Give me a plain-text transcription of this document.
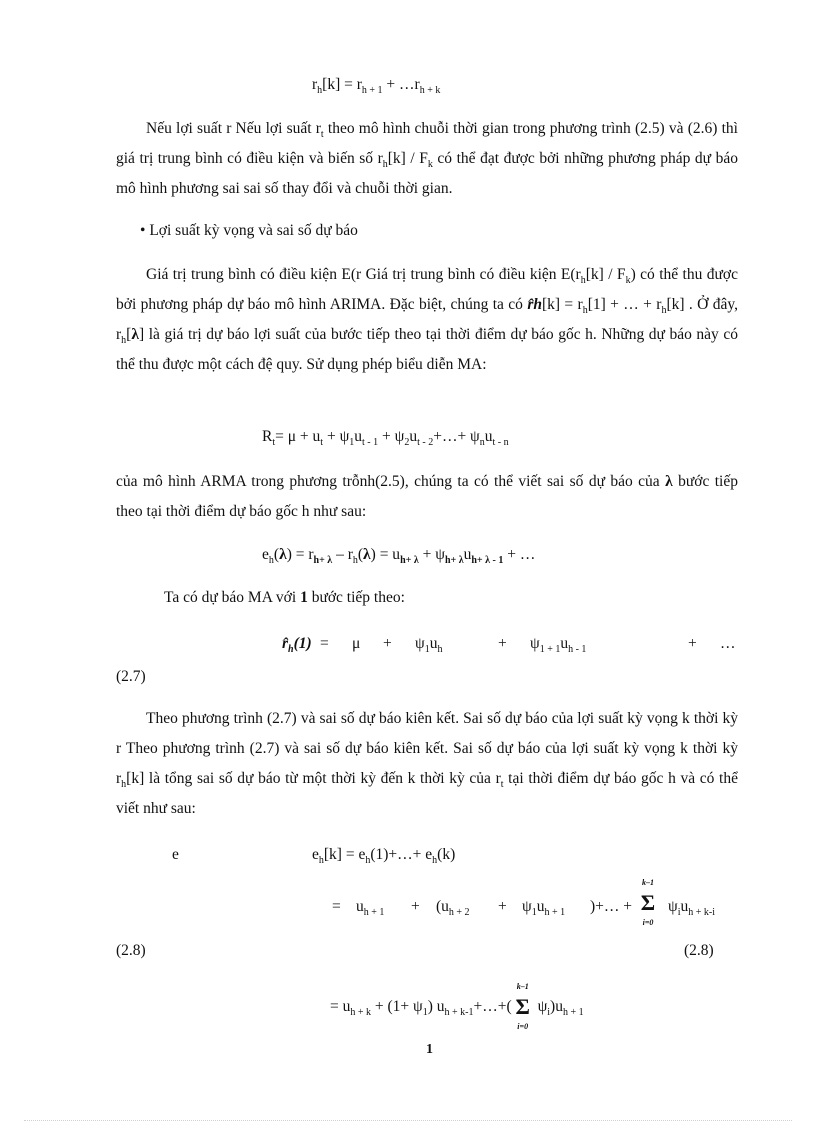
$r_h[k] = r_{h + 1}$ + $\dots r_{h + k}$
Nếu lợi suất r Nếu lợi suất $r_t$ theo mô hình chuỗi thời gian trong phương trình (2.5) và (2.6) thì giá trị trung bình có điều kiện và biến số $r_h[k] / F_k$ có thể đạt được bởi những phương pháp dự báo mô hình phương sai sai số thay đổi và chuỗi thời gian.
• Lợi suất kỳ vọng và sai số dự báo
Giá trị trung bình có điều kiện E(r Giá trị trung bình có điều kiện $E(r_h[k] / F_k)$ có thể thu được bởi phương pháp dự báo mô hình ARIMA. Đặc biệt, chúng ta có r̂h[k] = $r_h[1]$ + … + $r_h[k]$ . Ở đây, $r_h[\lambda]$ là giá trị dự báo lợi suất của bước tiếp theo tại thời điểm dự báo gốc h. Những dự báo này có thể thu được một cách đệ quy. Sử dụng phép biểu diễn MA:
$R_t= \mu + u_t + \psi_1u_{t - 1}$ + $\psi_2u_{t - 2}+\dots+ \psi_nu_{t - n}$
của mô hình ARMA trong phương trỗnh(2.5), chúng ta có thể viết sai số dự báo của λ bước tiếp theo tại thời điểm dự báo gốc h như sau:
$e_h(\lambda) = r_{h+ \lambda} - r_h(\lambda) = u_{h+ \lambda} + \psi_{h+ \lambda}u_{h+ \lambda - 1}$ + …
Ta có dự báo MA với 1 bước tiếp theo:
$r̂_h(1) = \mu + \psi_1u_h$	+ $\psi_{1 + 1}u_{h - 1}$	+ …
(2.7)
Theo phương trình (2.7) và sai số dự báo kiên kết. Sai số dự báo của lợi suất kỳ vọng k thời kỳ r Theo phương trình (2.7) và sai số dự báo kiên kết. Sai số dự báo của lợi suất kỳ vọng k thời kỳ $r_h[k]$ là tổng sai số dự báo từ một thời kỳ đến k thời kỳ của $r_t$ tại thời điểm dự báo gốc h và có thể viết như sau:
e	$e_h[k]$ = $e_h(1)+\dots+ e_h(k)$
= $u_{h + 1} + (u_{h + 2} + \psi_1u_{h + 1}$ )+… +
k–1
Σ
i=0
$\psi_iu_{h + k-i}$
(2.8)	(2.8)
= $u_{h + k} + (1+ \psi_1)$ $u_{h + k-1}+\dots+$(
k–1
Σ
i=0
$\psi_i)u_{h + 1}$
1
